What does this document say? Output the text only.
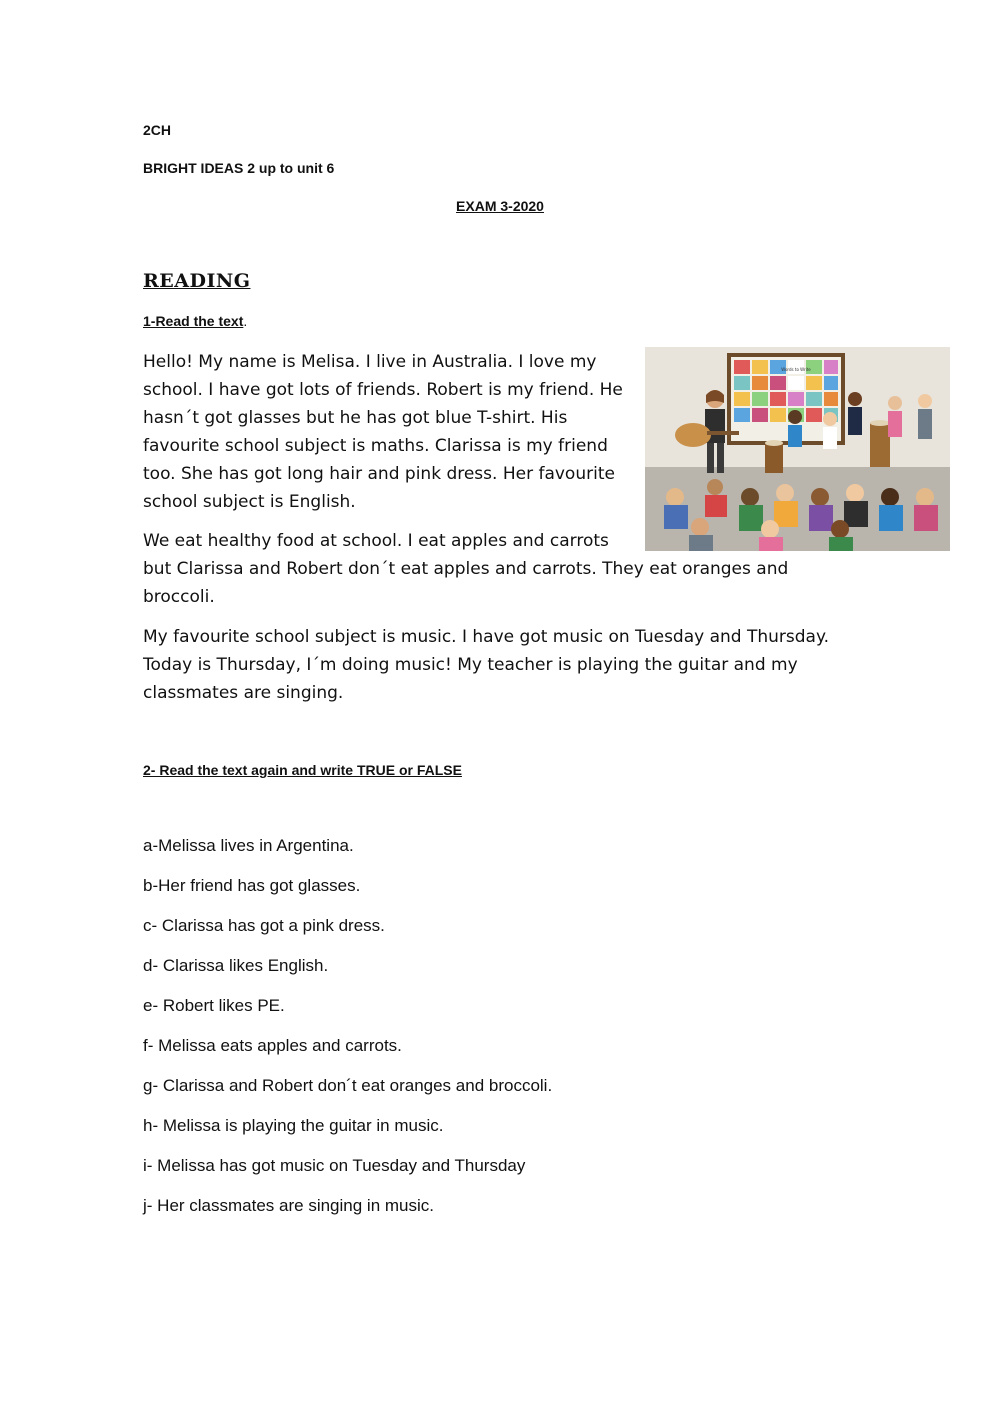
2CH
BRIGHT IDEAS 2 up to unit 6
EXAM 3-2020
READING
1-Read the text.
Hello! My name is Melisa. I live in Australia. I love my school. I have got lots of friends. Robert is my friend. He hasn´t got glasses but he has got blue T-shirt. His favourite school subject is maths. Clarissa is my friend too. She has got long hair and pink dress. Her favourite school subject is English.
We eat healthy food at school. I eat apples and carrots
but Clarissa and Robert don´t eat apples and carrots. They eat oranges and broccoli.
My favourite school subject is music. I have got music on Tuesday and Thursday. Today is Thursday, I´m doing music! My teacher is playing the guitar and my classmates are singing.
Words to Write
2- Read the text again and write TRUE or FALSE
a-Melissa lives in Argentina.
b-Her friend has got glasses.
c- Clarissa has got a pink dress.
d- Clarissa likes English.
e- Robert likes PE.
f- Melissa eats apples and carrots.
g- Clarissa and Robert don´t eat oranges and broccoli.
h- Melissa is playing the guitar in music.
i- Melissa has got music on Tuesday and Thursday
j- Her classmates are singing in music.
